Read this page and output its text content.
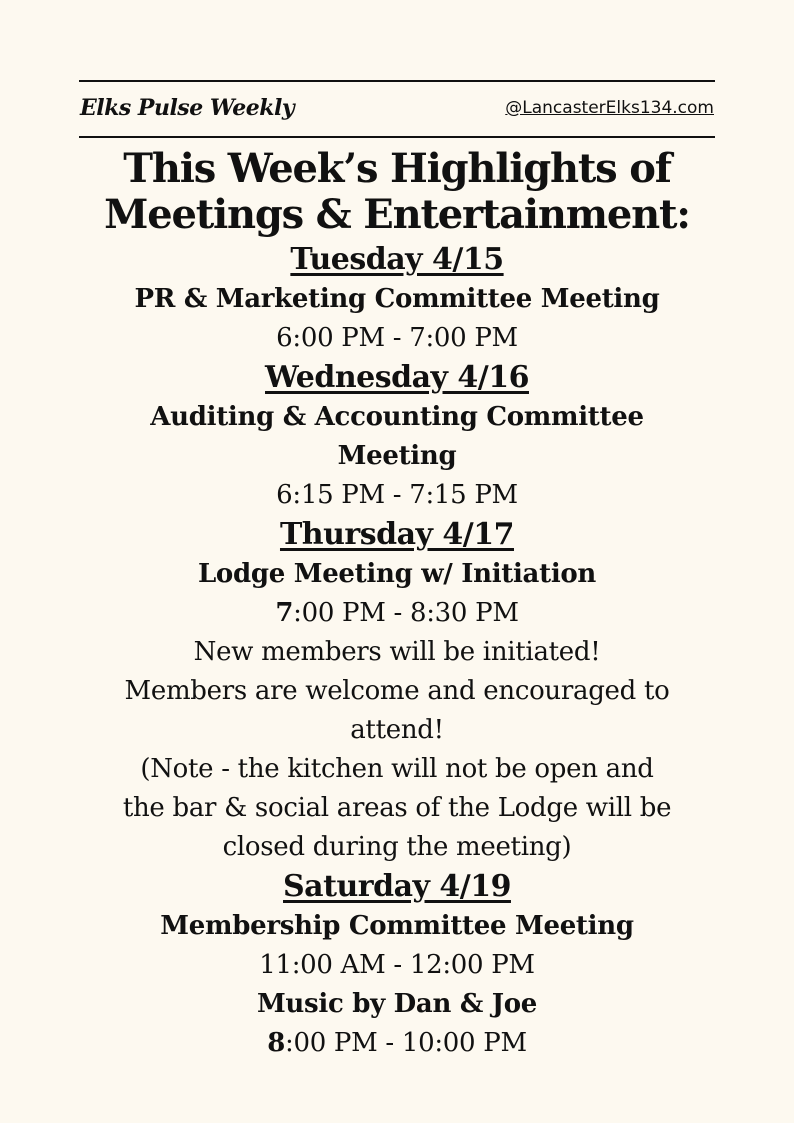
Elks Pulse Weekly	@LancasterElks134.com
This Week’s Highlights of
Meetings & Entertainment:
Tuesday 4/15
PR & Marketing Committee Meeting
6:00 PM - 7:00 PM
Wednesday 4/16
Auditing & Accounting Committee
Meeting
6:15 PM - 7:15 PM
Thursday 4/17
Lodge Meeting w/ Initiation
7:00 PM - 8:30 PM
New members will be initiated!
Members are welcome and encouraged to
attend!
(Note - the kitchen will not be open and
the bar & social areas of the Lodge will be
closed during the meeting)
Saturday 4/19
Membership Committee Meeting
11:00 AM - 12:00 PM
Music by Dan & Joe
8:00 PM - 10:00 PM
